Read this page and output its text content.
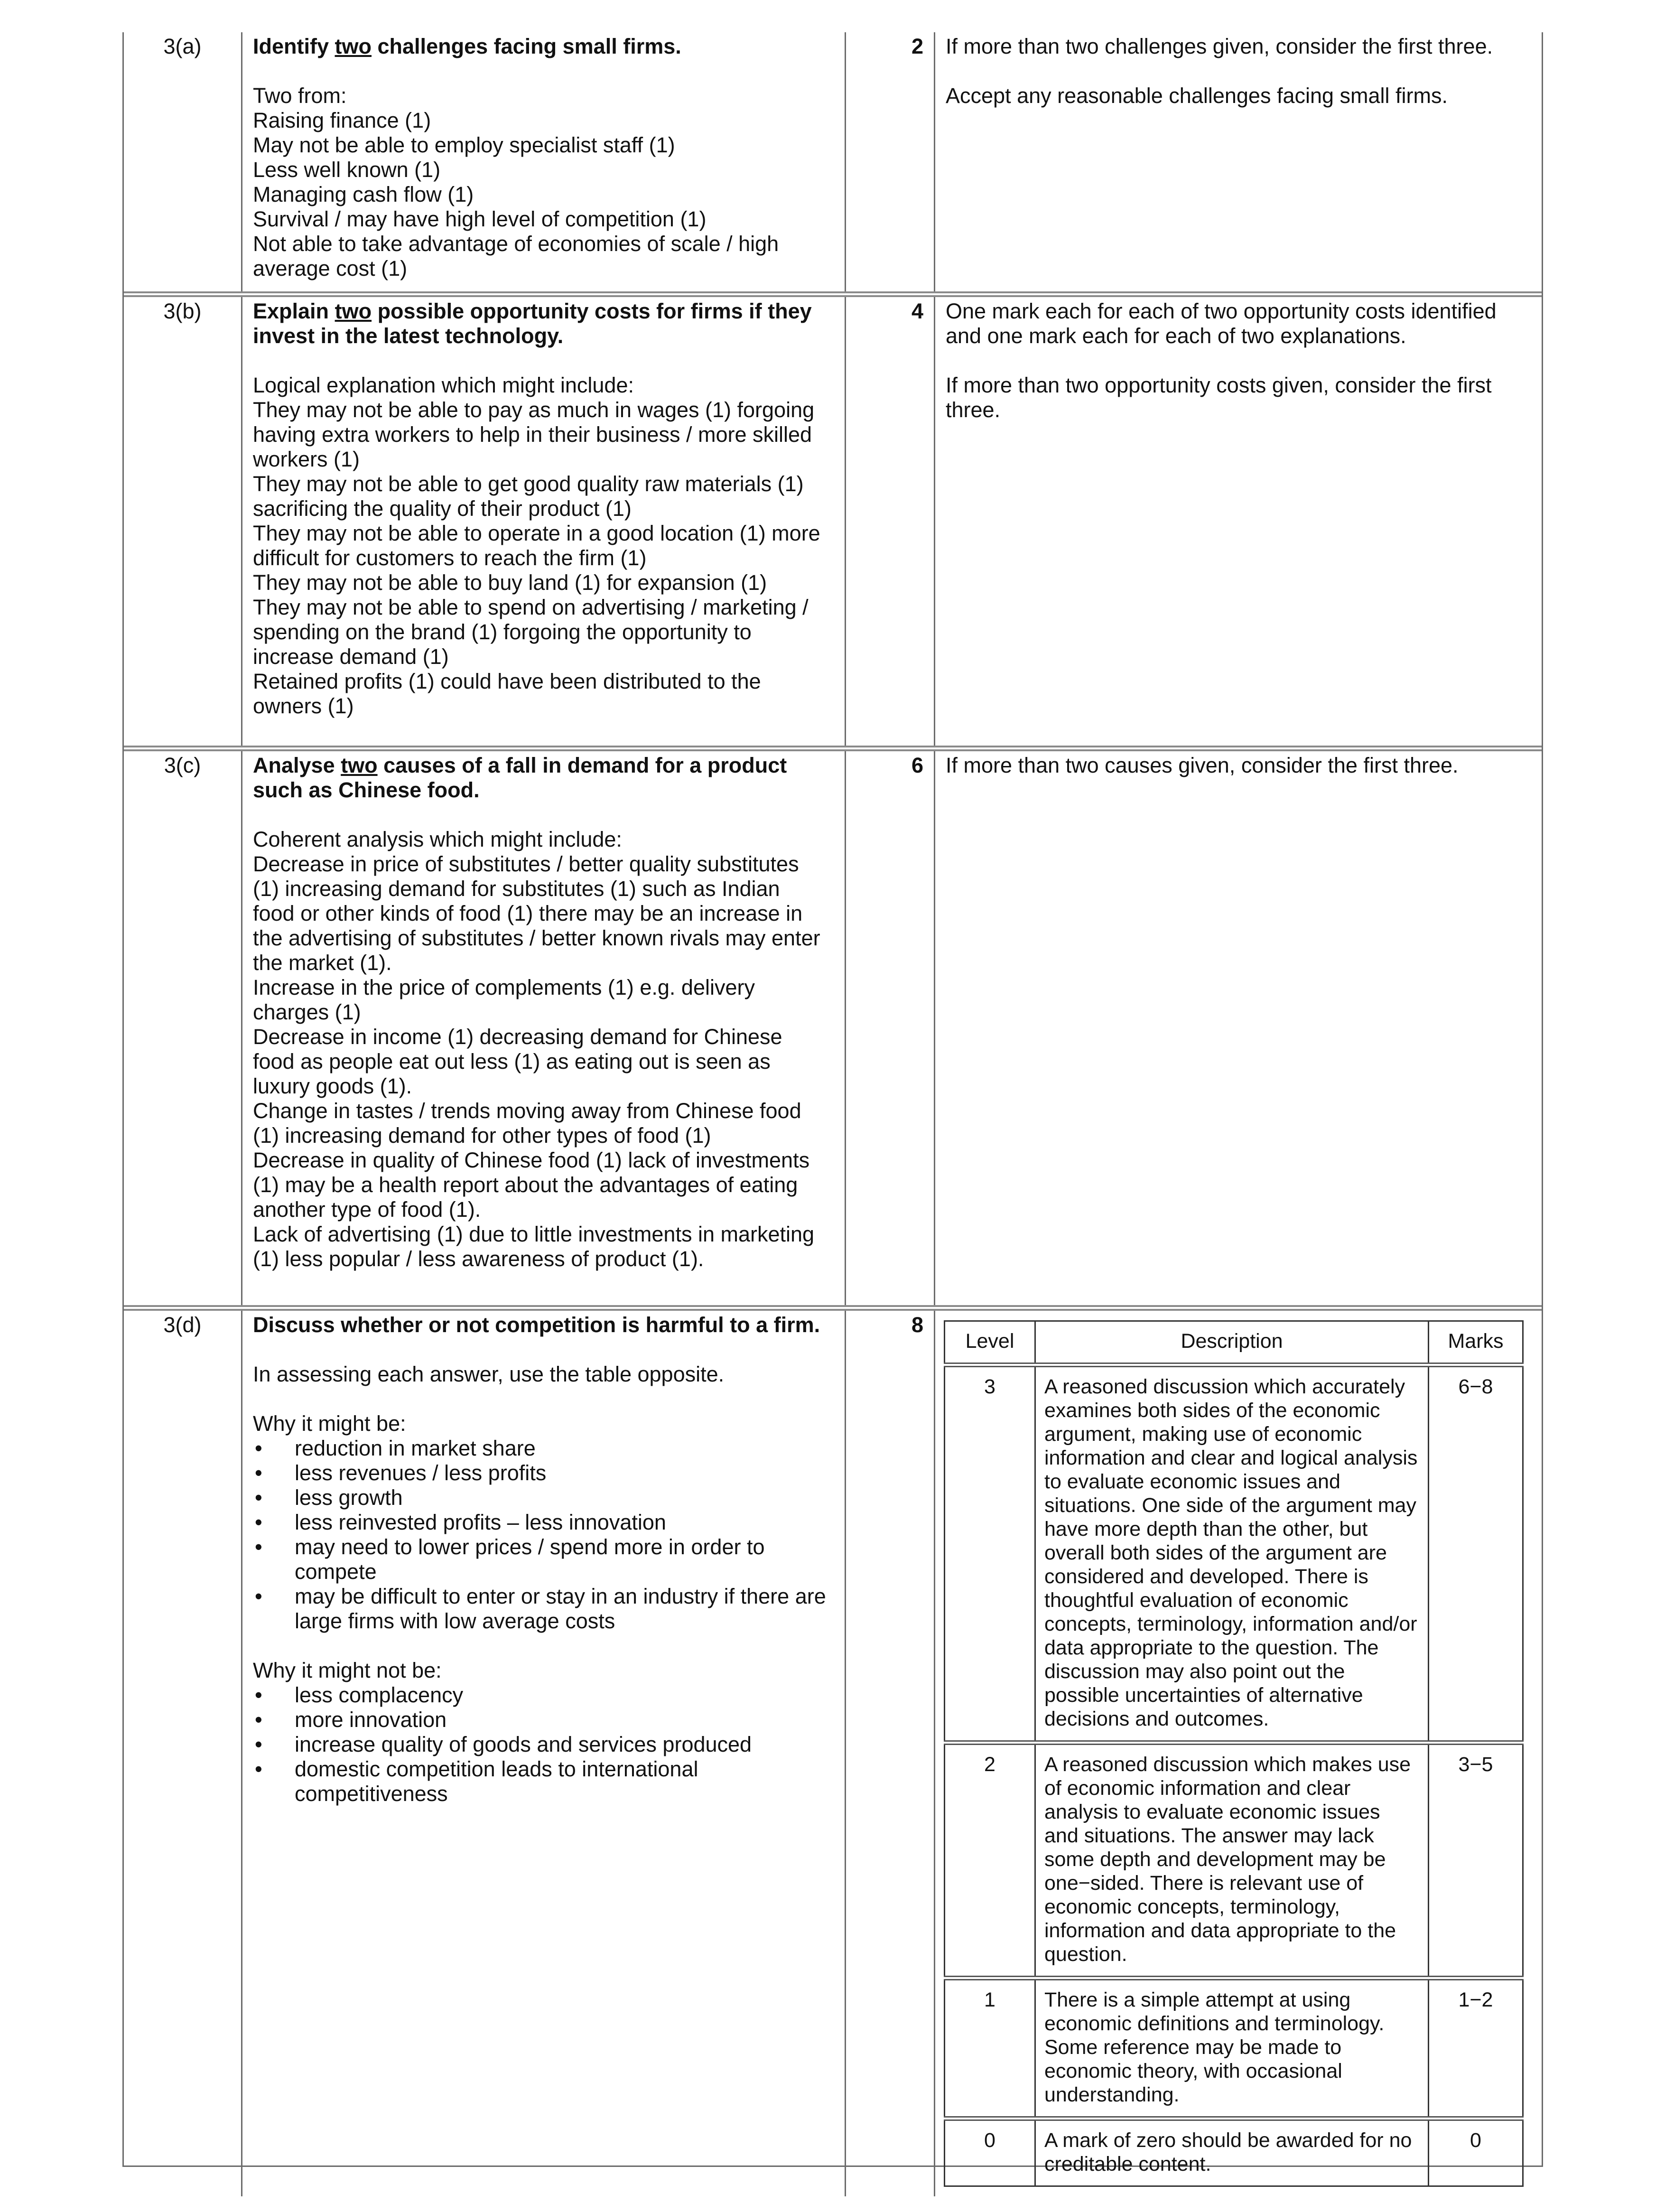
3(a)	Identify two challenges facing small firms.
Two from:
Raising finance (1)
May not be able to employ specialist staff (1)
Less well known (1)
Managing cash flow (1)
Survival / may have high level of competition (1)
Not able to take advantage of economies of scale / high
average cost (1)
2	If more than two challenges given, consider the first three.
Accept any reasonable challenges facing small firms.
3(b)	Explain two possible opportunity costs for firms if they
invest in the latest technology.
Logical explanation which might include:
They may not be able to pay as much in wages (1) forgoing
having extra workers to help in their business / more skilled
workers (1)
They may not be able to get good quality raw materials (1)
sacrificing the quality of their product (1)
They may not be able to operate in a good location (1) more
difficult for customers to reach the firm (1)
They may not be able to buy land (1) for expansion (1)
They may not be able to spend on advertising / marketing /
spending on the brand (1) forgoing the opportunity to
increase demand (1)
Retained profits (1) could have been distributed to the
owners (1)
4	One mark each for each of two opportunity costs identified
and one mark each for each of two explanations.
If more than two opportunity costs given, consider the first
three.
3(c)	Analyse two causes of a fall in demand for a product
such as Chinese food.
Coherent analysis which might include:
Decrease in price of substitutes / better quality substitutes
(1) increasing demand for substitutes (1) such as Indian
food or other kinds of food (1) there may be an increase in
the advertising of substitutes / better known rivals may enter
the market (1).
Increase in the price of complements (1) e.g. delivery
charges (1)
Decrease in income (1) decreasing demand for Chinese
food as people eat out less (1) as eating out is seen as
luxury goods (1).
Change in tastes / trends moving away from Chinese food
(1) increasing demand for other types of food (1)
Decrease in quality of Chinese food (1) lack of investments
(1) may be a health report about the advantages of eating
another type of food (1).
Lack of advertising (1) due to little investments in marketing
(1) less popular / less awareness of product (1).
6	If more than two causes given, consider the first three.
3(d)	Discuss whether or not competition is harmful to a firm.
In assessing each answer, use the table opposite.
Why it might be:
• reduction in market share
• less revenues / less profits
• less growth
• less reinvested profits – less innovation
• may need to lower prices / spend more in order to compete
• may be difficult to enter or stay in an industry if there are large firms with low average costs
Why it might not be:
• less complacency
• more innovation
• increase quality of goods and services produced
• domestic competition leads to international competitiveness
8
Level	Description	Marks
3	A reasoned discussion which accurately examines both sides of the economic argument, making use of economic information and clear and logical analysis to evaluate economic issues and situations. One side of the argument may have more depth than the other, but overall both sides of the argument are considered and developed. There is thoughtful evaluation of economic concepts, terminology, information and/or data appropriate to the question. The discussion may also point out the possible uncertainties of alternative decisions and outcomes.	6−8
2	A reasoned discussion which makes use of economic information and clear analysis to evaluate economic issues and situations. The answer may lack some depth and development may be one−sided. There is relevant use of economic concepts, terminology, information and data appropriate to the question.	3−5
1	There is a simple attempt at using economic definitions and terminology. Some reference may be made to economic theory, with occasional understanding.	1−2
0	A mark of zero should be awarded for no creditable content.	0
